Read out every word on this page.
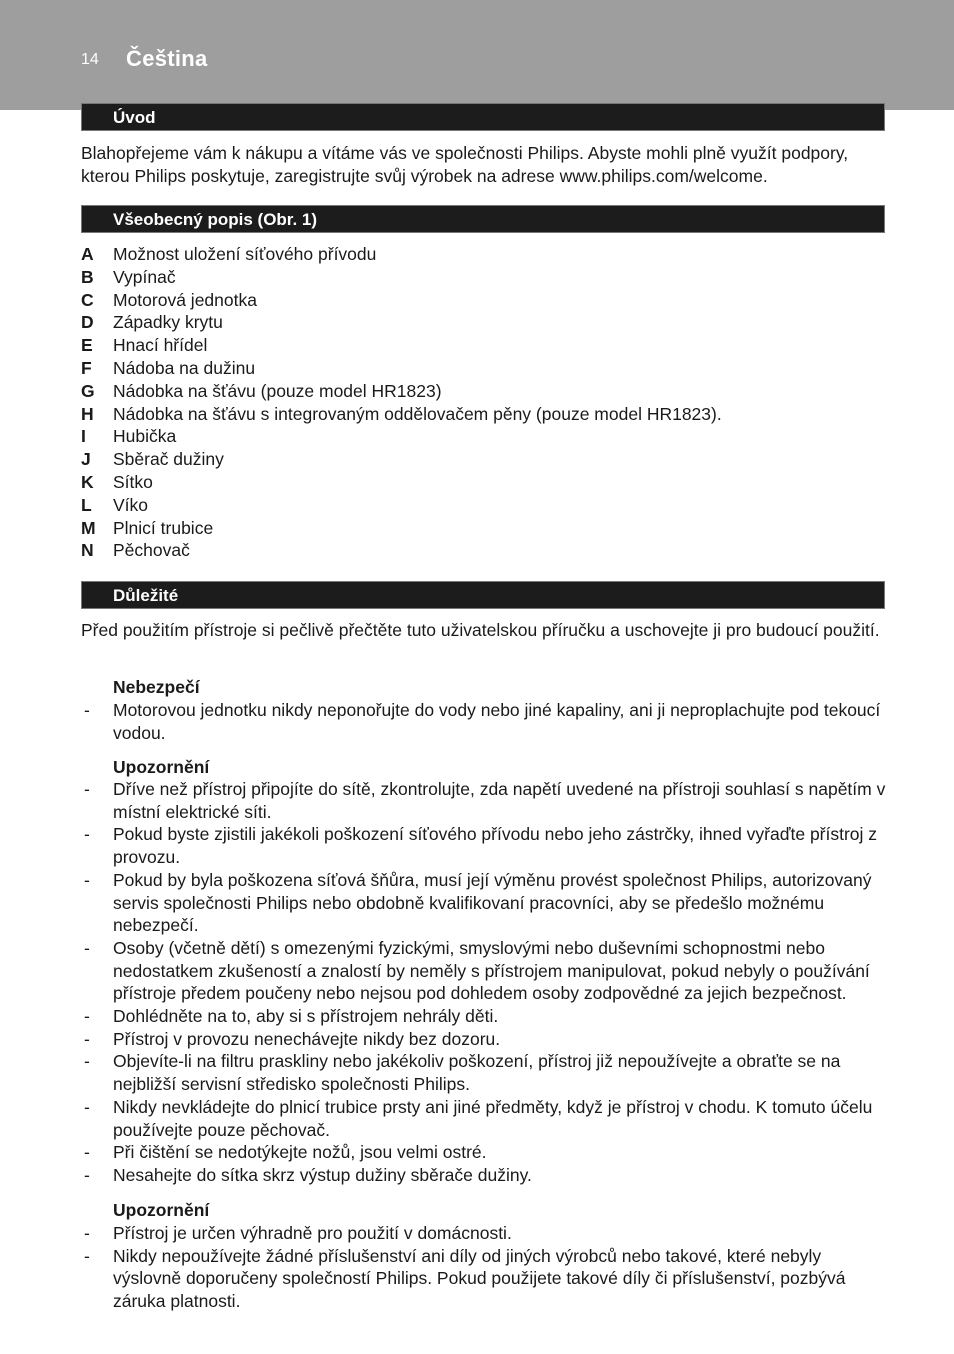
14 Čeština
Úvod

Blahopřejeme vám k nákupu a vítáme vás ve společnosti Philips. Abyste mohli plně využít podpory, kterou Philips poskytuje, zaregistrujte svůj výrobek na adrese www.philips.com/welcome.

Všeobecný popis (Obr. 1)
A Možnost uložení síťového přívodu
B Vypínač
C Motorová jednotka
D Západky krytu
E Hnací hřídel
F Nádoba na dužinu
G Nádobka na šťávu (pouze model HR1823)
H Nádobka na šťávu s integrovaným oddělovačem pěny (pouze model HR1823).
I Hubička
J Sběrač dužiny
K Sítko
L Víko
M Plnicí trubice
N Pěchovač
Důležité

Před použitím přístroje si pečlivě přečtěte tuto uživatelskou příručku a uschovejte ji pro budoucí použití.

Nebezpečí
- Motorovou jednotku nikdy neponořujte do vody nebo jiné kapaliny, ani ji neproplachujte pod tekoucí vodou.
Upozornění
- Dříve než přístroj připojíte do sítě, zkontrolujte, zda napětí uvedené na přístroji souhlasí s napětím v místní elektrické síti.
- Pokud byste zjistili jakékoli poškození síťového přívodu nebo jeho zástrčky, ihned vyřaďte přístroj z provozu.
- Pokud by byla poškozena síťová šňůra, musí její výměnu provést společnost Philips, autorizovaný servis společnosti Philips nebo obdobně kvalifikovaní pracovníci, aby se předešlo možnému nebezpečí.
- Osoby (včetně dětí) s omezenými fyzickými, smyslovými nebo duševními schopnostmi nebo nedostatkem zkušeností a znalostí by neměly s přístrojem manipulovat, pokud nebyly o používání přístroje předem poučeny nebo nejsou pod dohledem osoby zodpovědné za jejich bezpečnost.
- Dohlédněte na to, aby si s přístrojem nehrály děti.
- Přístroj v provozu nenechávejte nikdy bez dozoru.
- Objevíte-li na filtru praskliny nebo jakékoliv poškození, přístroj již nepoužívejte a obraťte se na nejbližší servisní středisko společnosti Philips.
- Nikdy nevkládejte do plnicí trubice prsty ani jiné předměty, když je přístroj v chodu. K tomuto účelu používejte pouze pěchovač.
- Při čištění se nedotýkejte nožů, jsou velmi ostré.
- Nesahejte do sítka skrz výstup dužiny sběrače dužiny.
Upozornění
- Přístroj je určen výhradně pro použití v domácnosti.
- Nikdy nepoužívejte žádné příslušenství ani díly od jiných výrobců nebo takové, které nebyly výslovně doporučeny společností Philips. Pokud použijete takové díly či příslušenství, pozbývá záruka platnosti.
